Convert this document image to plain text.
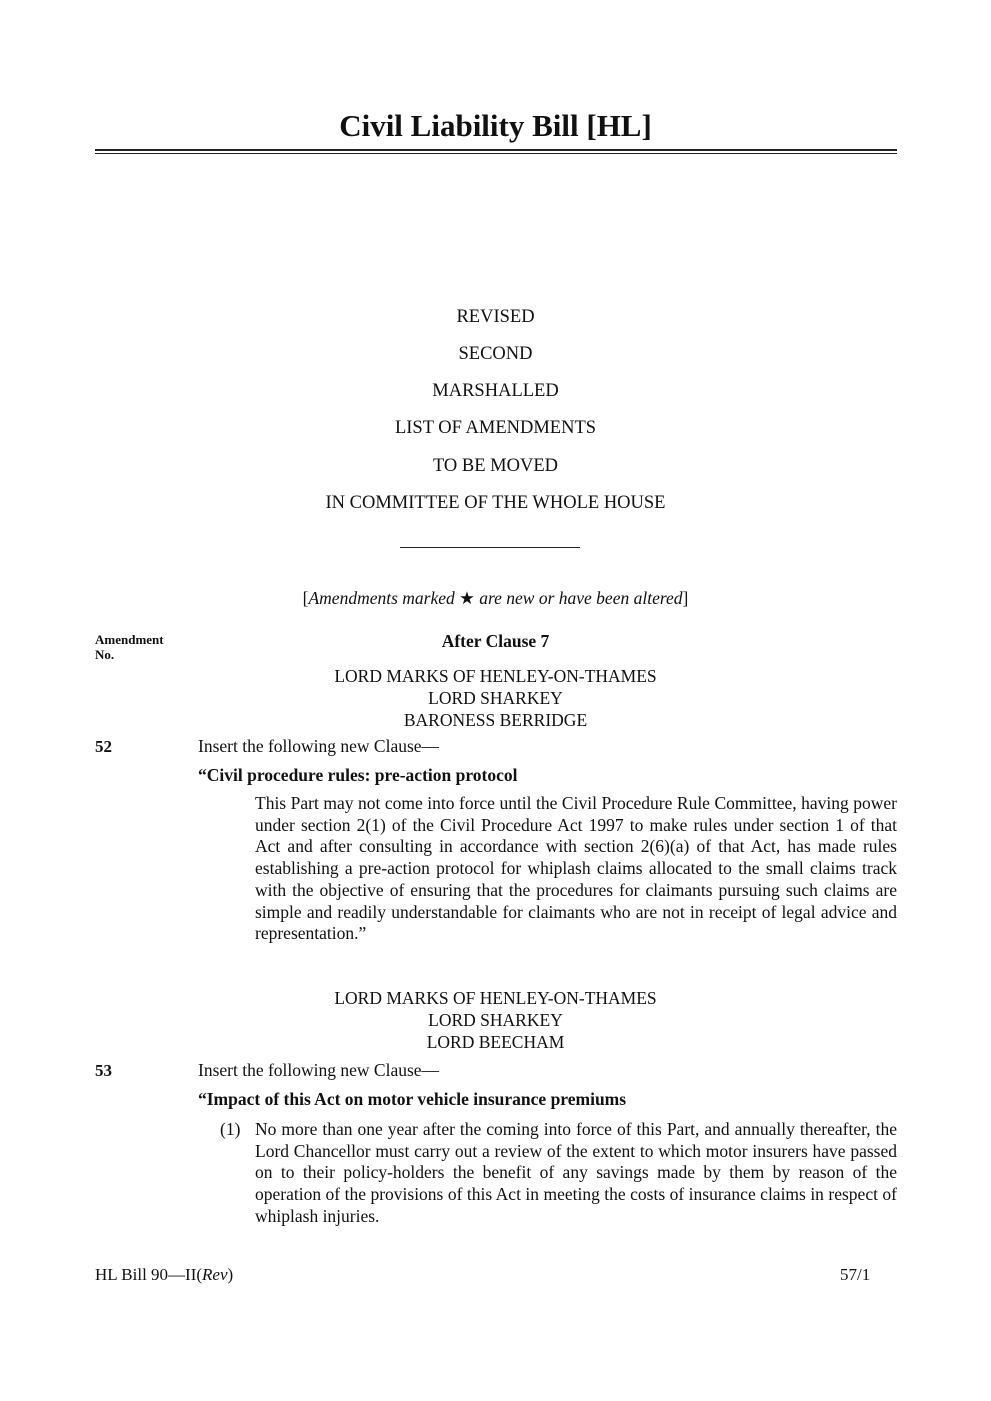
Civil Liability Bill [HL]
REVISED
SECOND
MARSHALLED
LIST OF AMENDMENTS
TO BE MOVED
IN COMMITTEE OF THE WHOLE HOUSE
[Amendments marked ★ are new or have been altered]
Amendment
No.
After Clause 7
LORD MARKS OF HENLEY-ON-THAMES
LORD SHARKEY
BARONESS BERRIDGE
52	Insert the following new Clause—
“Civil procedure rules: pre-action protocol
This Part may not come into force until the Civil Procedure Rule Committee, having power under section 2(1) of the Civil Procedure Act 1997 to make rules under section 1 of that Act and after consulting in accordance with section 2(6)(a) of that Act, has made rules establishing a pre-action protocol for whiplash claims allocated to the small claims track with the objective of ensuring that the procedures for claimants pursuing such claims are simple and readily understandable for claimants who are not in receipt of legal advice and representation.”
LORD MARKS OF HENLEY-ON-THAMES
LORD SHARKEY
LORD BEECHAM
53	Insert the following new Clause—
“Impact of this Act on motor vehicle insurance premiums
(1) No more than one year after the coming into force of this Part, and annually thereafter, the Lord Chancellor must carry out a review of the extent to which motor insurers have passed on to their policy-holders the benefit of any savings made by them by reason of the operation of the provisions of this Act in meeting the costs of insurance claims in respect of whiplash injuries.
HL Bill 90—II(Rev)	57/1
